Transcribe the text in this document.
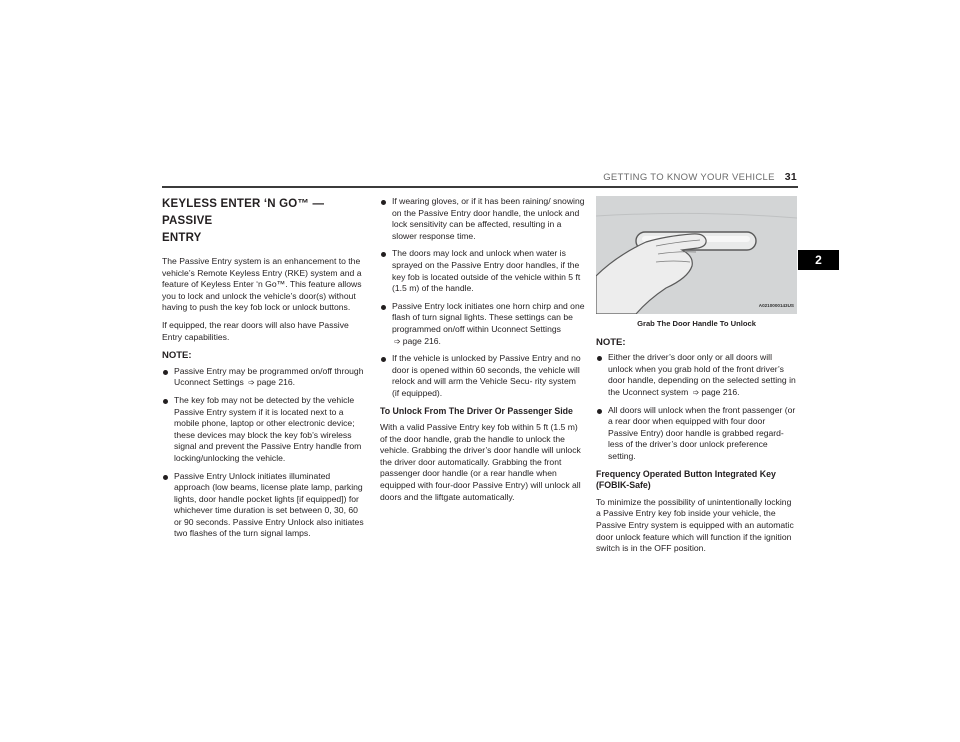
GETTING TO KNOW YOUR VEHICLE 31
2
KEYLESS ENTER ‘N GO™ — PASSIVE
ENTRY

The Passive Entry system is an enhancement to the vehicle’s Remote Keyless Entry (RKE) system and a feature of Keyless Enter ‘n Go™. This feature allows you to lock and unlock the vehicle’s door(s) without having to push the key fob lock or unlock buttons.

If equipped, the rear doors will also have Passive Entry capabilities.

NOTE:
Passive Entry may be programmed on/off through Uconnect Settings ➩ page 216.
The key fob may not be detected by the vehicle Passive Entry system if it is located next to a mobile phone, laptop or other electronic device; these devices may block the key fob’s wireless signal and prevent the Passive Entry handle from locking/unlocking the vehicle.
Passive Entry Unlock initiates illuminated approach (low beams, license plate lamp, parking lights, door handle pocket lights [if equipped]) for whichever time duration is set between 0, 30, 60 or 90 seconds. Passive Entry Unlock also initiates two flashes of the turn signal lamps.
If wearing gloves, or if it has been raining/ snowing on the Passive Entry door handle, the unlock and lock sensitivity can be affected, resulting in a slower response time.
The doors may lock and unlock when water is sprayed on the Passive Entry door handles, if the key fob is located outside of the vehicle within 5 ft (1.5 m) of the handle.
Passive Entry lock initiates one horn chirp and one flash of turn signal lights. These settings can be programmed on/off within Uconnect Settings ➩ page 216.
If the vehicle is unlocked by Passive Entry and no door is opened within 60 seconds, the vehicle will relock and will arm the Vehicle Secu- rity system (if equipped).
To Unlock From The Driver Or Passenger Side

With a valid Passive Entry key fob within 5 ft (1.5 m) of the door handle, grab the handle to unlock the vehicle. Grabbing the driver’s door handle will unlock the driver door automatically. Grabbing the front passenger door handle (or a rear handle when equipped with four-door Passive Entry) will unlock all doors and the liftgate automatically.

A0210000143US
Grab The Door Handle To Unlock
NOTE:
Either the driver’s door only or all doors will unlock when you grab hold of the front driver’s door handle, depending on the selected setting in the Uconnect system ➩ page 216.
All doors will unlock when the front passenger (or a rear door when equipped with four door Passive Entry) door handle is grabbed regard- less of the driver’s door unlock preference setting.
Frequency Operated Button Integrated Key
(FOBIK-Safe)

To minimize the possibility of unintentionally locking a Passive Entry key fob inside your vehicle, the Passive Entry system is equipped with an automatic door unlock feature which will function if the ignition switch is in the OFF position.
